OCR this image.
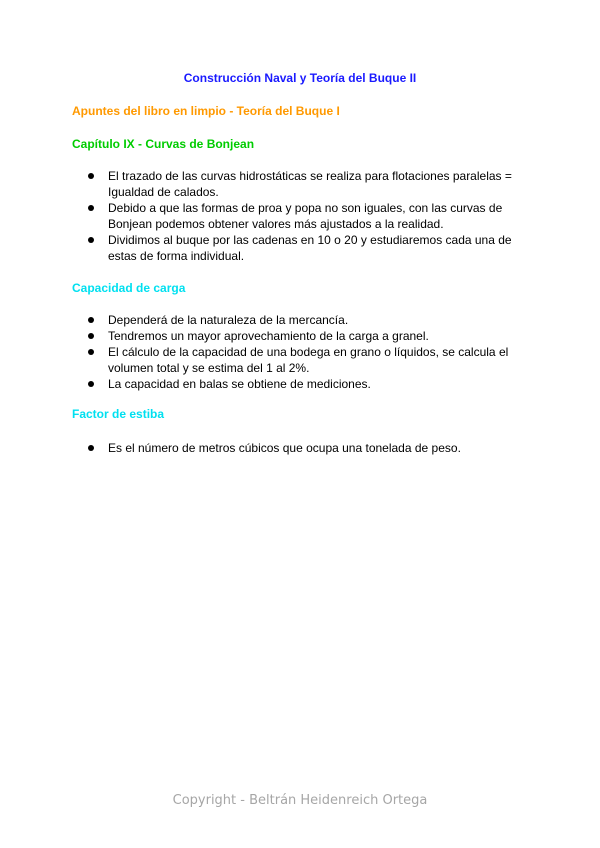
Construcción Naval y Teoría del Buque II
Apuntes del libro en limpio - Teoría del Buque I
Capítulo IX - Curvas de Bonjean
El trazado de las curvas hidrostáticas se realiza para flotaciones paralelas = Igualdad de calados.
Debido a que las formas de proa y popa no son iguales, con las curvas de Bonjean podemos obtener valores más ajustados a la realidad.
Dividimos al buque por las cadenas en 10 o 20 y estudiaremos cada una de estas de forma individual.
Capacidad de carga
Dependerá de la naturaleza de la mercancía.
Tendremos un mayor aprovechamiento de la carga a granel.
El cálculo de la capacidad de una bodega en grano o líquidos, se calcula el volumen total y se estima del 1 al 2%.
La capacidad en balas se obtiene de mediciones.
Factor de estiba
Es el número de metros cúbicos que ocupa una tonelada de peso.
Copyright - Beltrán Heidenreich Ortega
